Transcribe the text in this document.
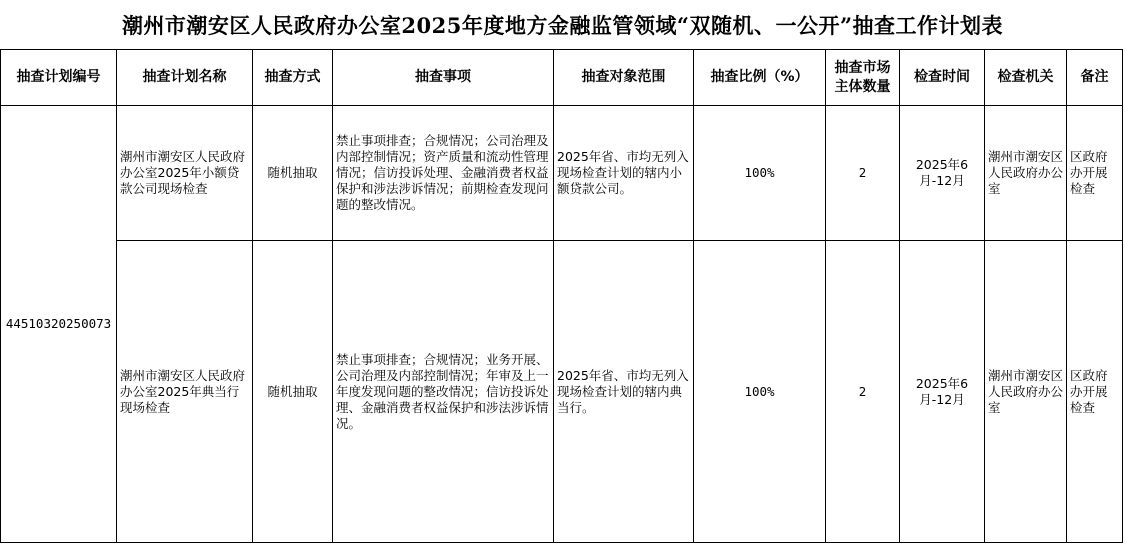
潮州市潮安区人民政府办公室2025年度地方金融监管领域“双随机、一公开”抽查工作计划表
抽查计划编号	抽查计划名称	抽查方式	抽查事项	抽查对象范围	抽查比例（%）	抽查市场主体数量	检查时间	检查机关	备注
44510320250073	潮州市潮安区人民政府办公室2025年小额贷款公司现场检查	随机抽取	禁止事项排查；合规情况；公司治理及内部控制情况；资产质量和流动性管理情况；信访投诉处理、金融消费者权益保护和涉法涉诉情况；前期检查发现问题的整改情况。	2025年省、市均无列入现场检查计划的辖内小额贷款公司。	100%	2	2025年6月-12月	潮州市潮安区人民政府办公室	区政府办开展检查
	潮州市潮安区人民政府办公室2025年典当行现场检查	随机抽取	禁止事项排查；合规情况；业务开展、公司治理及内部控制情况；年审及上一年度发现问题的整改情况；信访投诉处理、金融消费者权益保护和涉法涉诉情况。	2025年省、市均无列入现场检查计划的辖内典当行。	100%	2	2025年6月-12月	潮州市潮安区人民政府办公室	区政府办开展检查
